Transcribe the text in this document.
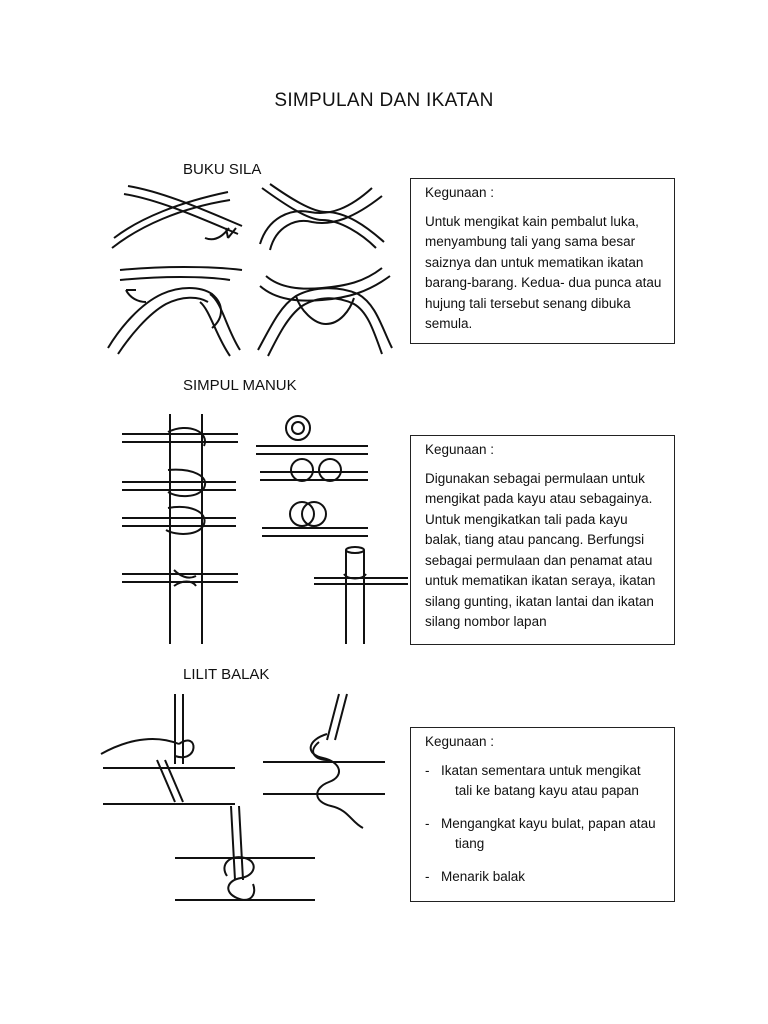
SIMPULAN DAN IKATAN
BUKU SILA
Kegunaan :

Untuk mengikat kain pembalut luka, menyambung tali yang sama besar saiznya dan untuk mematikan ikatan barang-barang. Kedua- dua punca atau hujung tali tersebut senang dibuka semula.

SIMPUL MANUK
Kegunaan :

Digunakan sebagai permulaan untuk mengikat pada kayu atau sebagainya. Untuk mengikatkan tali pada kayu balak, tiang atau pancang. Berfungsi sebagai permulaan dan penamat atau untuk mematikan ikatan seraya, ikatan silang gunting, ikatan lantai dan ikatan silang nombor lapan

LILIT BALAK
Kegunaan :
- Ikatan sementara untuk mengikat
tali ke batang kayu atau papan
- Mengangkat kayu bulat, papan atau
tiang
- Menarik balak
